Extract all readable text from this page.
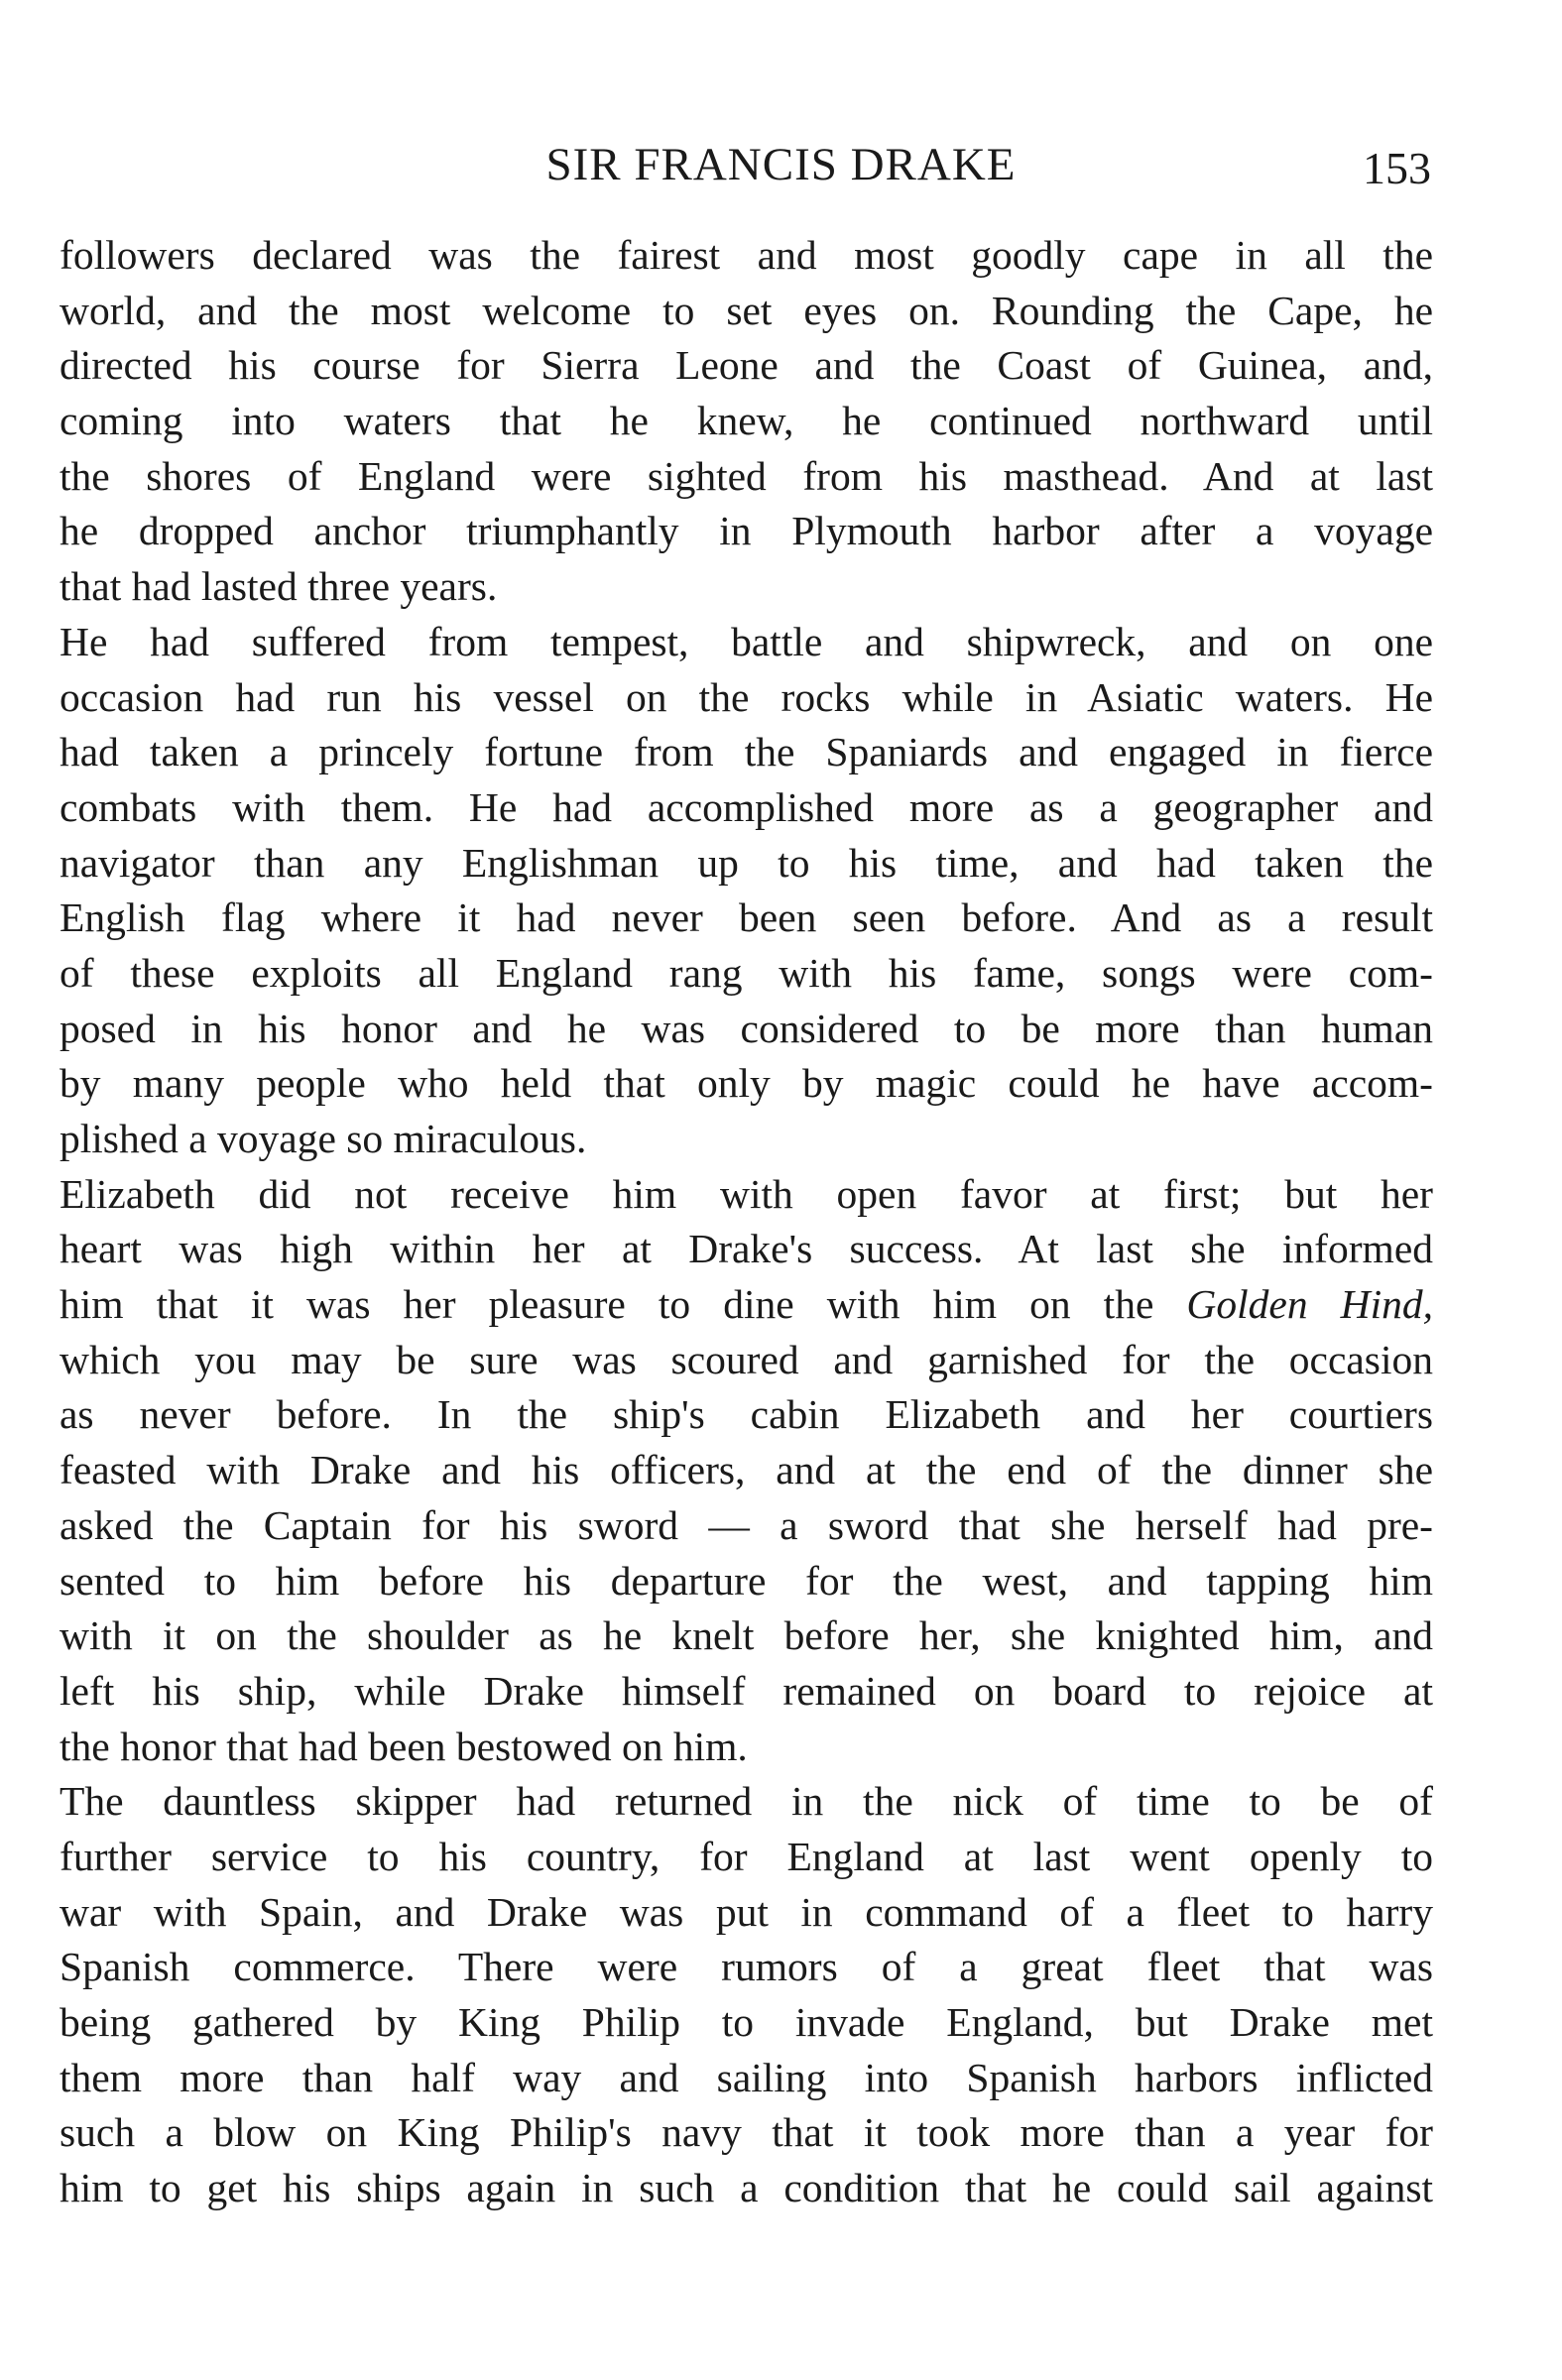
SIR FRANCIS DRAKE	153
followers declared was the fairest and most goodly cape in all the
world, and the most welcome to set eyes on. Rounding the Cape, he
directed his course for Sierra Leone and the Coast of Guinea, and,
coming into waters that he knew, he continued northward until
the shores of England were sighted from his masthead. And at last
he dropped anchor triumphantly in Plymouth harbor after a voyage
that had lasted three years.
He had suffered from tempest, battle and shipwreck, and on one
occasion had run his vessel on the rocks while in Asiatic waters. He
had taken a princely fortune from the Spaniards and engaged in fierce
combats with them. He had accomplished more as a geographer and
navigator than any Englishman up to his time, and had taken the
English flag where it had never been seen before. And as a result
of these exploits all England rang with his fame, songs were com-
posed in his honor and he was considered to be more than human
by many people who held that only by magic could he have accom-
plished a voyage so miraculous.
Elizabeth did not receive him with open favor at first; but her
heart was high within her at Drake's success. At last she informed
him that it was her pleasure to dine with him on the Golden Hind,
which you may be sure was scoured and garnished for the occasion
as never before. In the ship's cabin Elizabeth and her courtiers
feasted with Drake and his officers, and at the end of the dinner she
asked the Captain for his sword — a sword that she herself had pre-
sented to him before his departure for the west, and tapping him
with it on the shoulder as he knelt before her, she knighted him, and
left his ship, while Drake himself remained on board to rejoice at
the honor that had been bestowed on him.
The dauntless skipper had returned in the nick of time to be of
further service to his country, for England at last went openly to
war with Spain, and Drake was put in command of a fleet to harry
Spanish commerce. There were rumors of a great fleet that was
being gathered by King Philip to invade England, but Drake met
them more than half way and sailing into Spanish harbors inflicted
such a blow on King Philip's navy that it took more than a year for
him to get his ships again in such a condition that he could sail against
